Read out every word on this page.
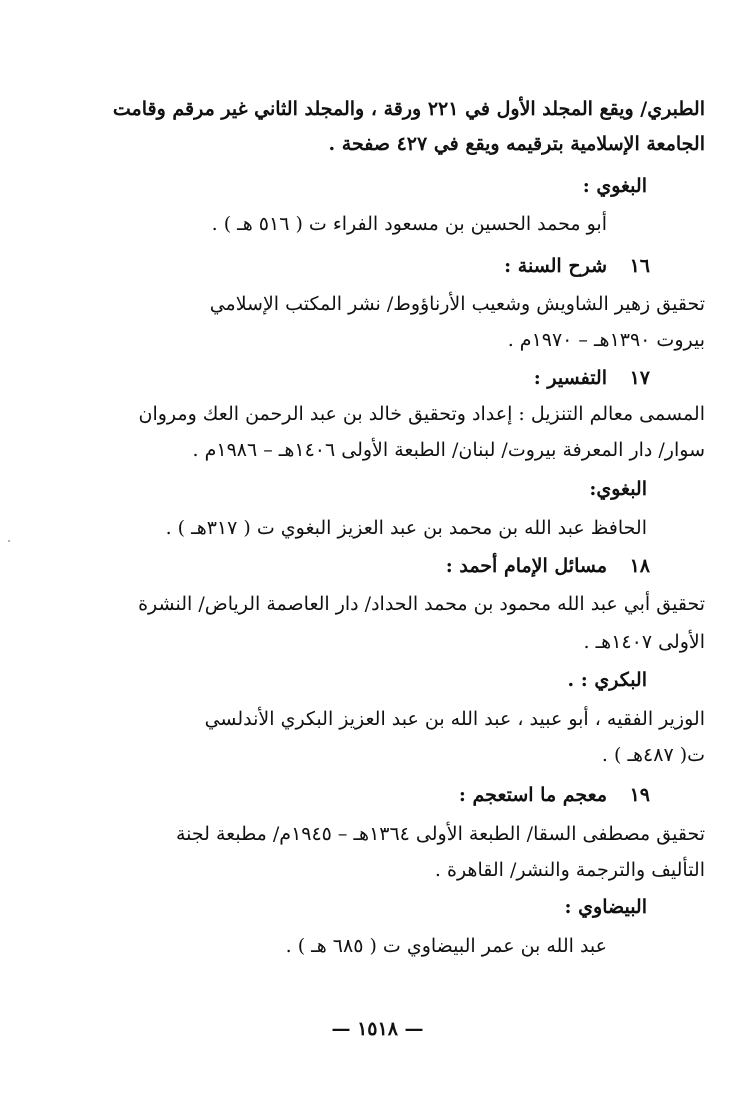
الطبري/ ويقع المجلد الأول في ٢٢١ ورقة ، والمجلد الثاني غير مرقم وقامت
الجامعة الإسلامية بترقيمه ويقع في ٤٢٧ صفحة .
البغوي :
أبو محمد الحسين بن مسعود الفراء ت ( ٥١٦ هـ ) .
١٦
شرح السنة :
تحقيق زهير الشاويش وشعيب الأرناؤوط/ نشر المكتب الإسلامي
بيروت ١٣٩٠هـ – ١٩٧٠م .
١٧
التفسير :
المسمى معالم التنزيل : إعداد وتحقيق خالد بن عبد الرحمن العك ومروان
سوار/ دار المعرفة بيروت/ لبنان/ الطبعة الأولى ١٤٠٦هـ – ١٩٨٦م .
البغوي:
الحافظ عبد الله بن محمد بن عبد العزيز البغوي ت ( ٣١٧هـ ) .
١٨
مسائل الإمام أحمد :
تحقيق أبي عبد الله محمود بن محمد الحداد/ دار العاصمة الرياض/ النشرة
الأولى ١٤٠٧هـ .
البكري : .
الوزير الفقيه ، أبو عبيد ، عبد الله بن عبد العزيز البكري الأندلسي
ت( ٤٨٧هـ ) .
١٩
معجم ما استعجم :
تحقيق مصطفى السقا/ الطبعة الأولى ١٣٦٤هـ – ١٩٤٥م/ مطبعة لجنة
التأليف والترجمة والنشر/ القاهرة .
البيضاوي :
عبد الله بن عمر البيضاوي ت ( ٦٨٥ هـ ) .
— ١٥١٨ —
